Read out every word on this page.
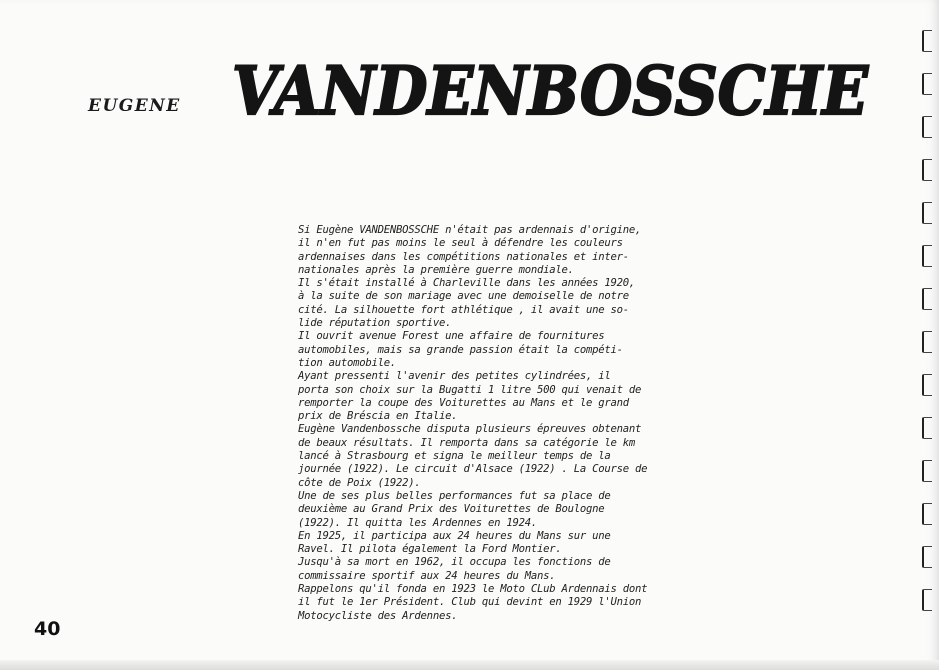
EUGENE VANDENBOSSCHE
Si Eugène VANDENBOSSCHE n'était pas ardennais d'origine,
il n'en fut pas moins le seul à défendre les couleurs
ardennaises dans les compétitions nationales et inter-
nationales après la première guerre mondiale.
Il s'était installé à Charleville dans les années 1920,
à la suite de son mariage avec une demoiselle de notre
cité. La silhouette fort athlétique , il avait une so-
lide réputation sportive.
Il ouvrit avenue Forest une affaire de fournitures
automobiles, mais sa grande passion était la compéti-
tion automobile.
Ayant pressenti l'avenir des petites cylindrées, il
porta son choix sur la Bugatti 1 litre 500 qui venait de
remporter la coupe des Voiturettes au Mans et le grand
prix de Bréscia en Italie.
Eugène Vandenbossche disputa plusieurs épreuves obtenant
de beaux résultats. Il remporta dans sa catégorie le km
lancé à Strasbourg et signa le meilleur temps de la
journée (1922). Le circuit d'Alsace (1922) . La Course de
côte de Poix (1922).
Une de ses plus belles performances fut sa place de
deuxième au Grand Prix des Voiturettes de Boulogne
(1922). Il quitta les Ardennes en 1924.
En 1925, il participa aux 24 heures du Mans sur une
Ravel. Il pilota également la Ford Montier.
Jusqu'à sa mort en 1962, il occupa les fonctions de
commissaire sportif aux 24 heures du Mans.
Rappelons qu'il fonda en 1923 le Moto CLub Ardennais dont
il fut le 1er Président. Club qui devint en 1929 l'Union
Motocycliste des Ardennes.
40
